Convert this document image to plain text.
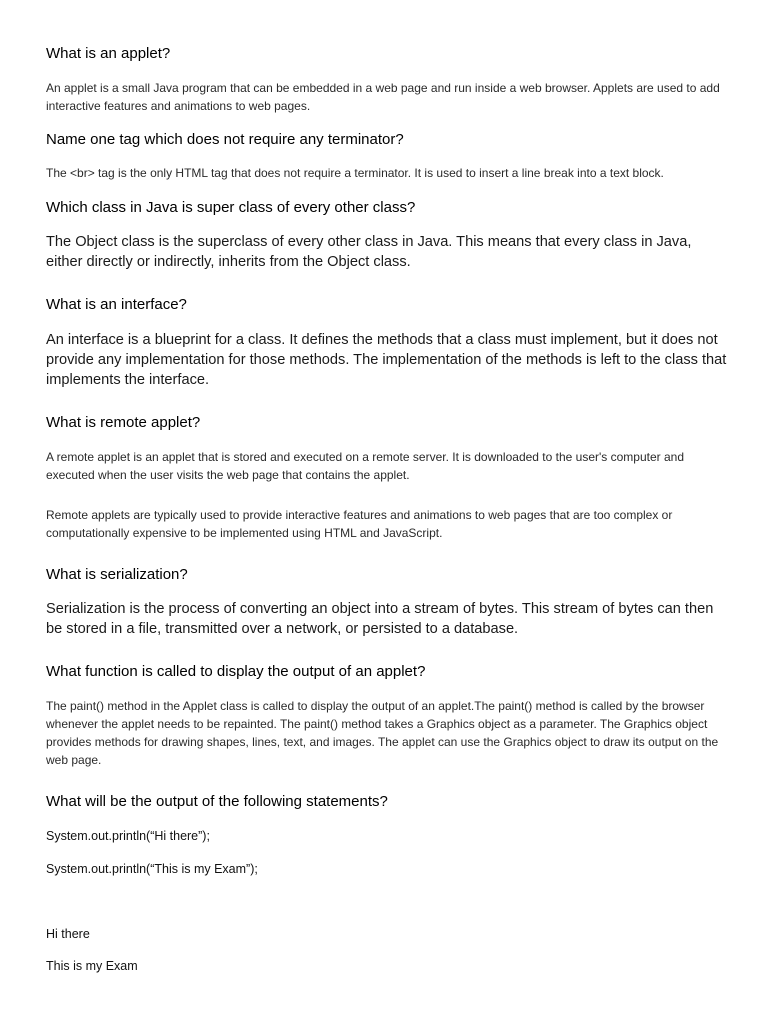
What is an applet?

An applet is a small Java program that can be embedded in a web page and run inside a web browser. Applets are used to add interactive features and animations to web pages.

Name one tag which does not require any terminator?

The <br> tag is the only HTML tag that does not require a terminator. It is used to insert a line break into a text block.

Which class in Java is super class of every other class?

The Object class is the superclass of every other class in Java. This means that every class in Java, either directly or indirectly, inherits from the Object class.

What is an interface?

An interface is a blueprint for a class. It defines the methods that a class must implement, but it does not provide any implementation for those methods. The implementation of the methods is left to the class that implements the interface.

What is remote applet?

A remote applet is an applet that is stored and executed on a remote server. It is downloaded to the user's computer and executed when the user visits the web page that contains the applet.

Remote applets are typically used to provide interactive features and animations to web pages that are too complex or computationally expensive to be implemented using HTML and JavaScript.

What is serialization?

Serialization is the process of converting an object into a stream of bytes. This stream of bytes can then be stored in a file, transmitted over a network, or persisted to a database.

What function is called to display the output of an applet?

The paint() method in the Applet class is called to display the output of an applet.The paint() method is called by the browser whenever the applet needs to be repainted. The paint() method takes a Graphics object as a parameter. The Graphics object provides methods for drawing shapes, lines, text, and images. The applet can use the Graphics object to draw its output on the web page.

What will be the output of the following statements?

System.out.println(“Hi there”);

System.out.println(“This is my Exam”);

Hi there

This is my Exam
